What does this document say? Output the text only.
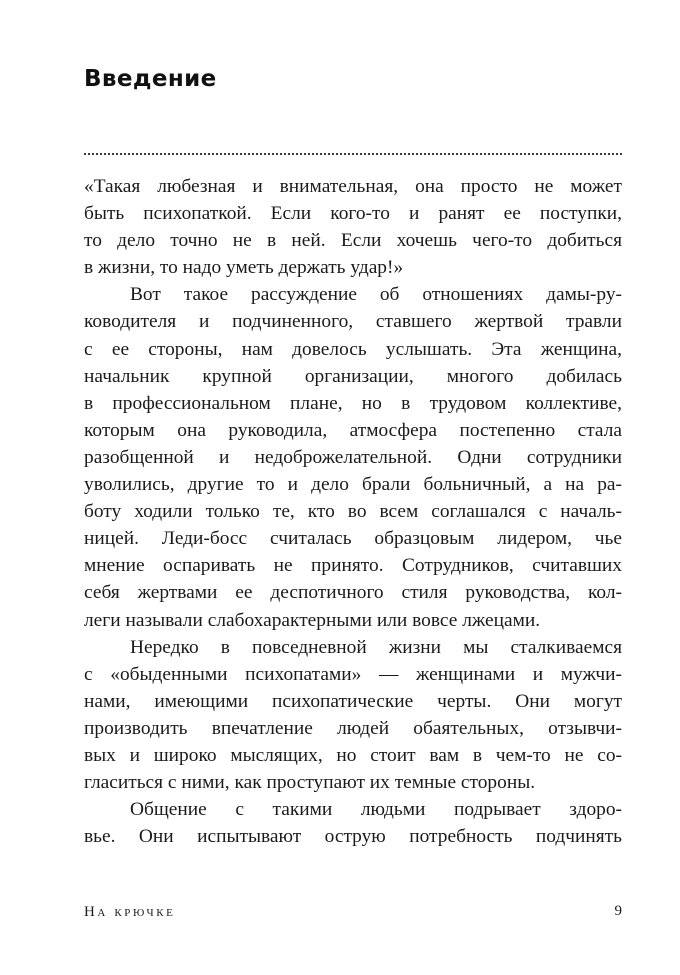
Введение
«Такая любезная и внимательная, она просто не может
быть психопаткой. Если кого-то и ранят ее поступки,
то дело точно не в ней. Если хочешь чего-то добиться
в жизни, то надо уметь держать удар!»
Вот такое рассуждение об отношениях дамы-ру-
ководителя и подчиненного, ставшего жертвой травли
с ее стороны, нам довелось услышать. Эта женщина,
начальник крупной организации, многого добилась
в профессиональном плане, но в трудовом коллективе,
которым она руководила, атмосфера постепенно стала
разобщенной и недоброжелательной. Одни сотрудники
уволились, другие то и дело брали больничный, а на ра-
боту ходили только те, кто во всем соглашался с началь-
ницей. Леди-босс считалась образцовым лидером, чье
мнение оспаривать не принято. Сотрудников, считавших
себя жертвами ее деспотичного стиля руководства, кол-
леги называли слабохарактерными или вовсе лжецами.
Нередко в повседневной жизни мы сталкиваемся
с «обыденными психопатами» — женщинами и мужчи-
нами, имеющими психопатические черты. Они могут
производить впечатление людей обаятельных, отзывчи-
вых и широко мыслящих, но стоит вам в чем-то не со-
гласиться с ними, как проступают их темные стороны.
Общение с такими людьми подрывает здоро-
вье. Они испытывают острую потребность подчинять
На крючке	9
